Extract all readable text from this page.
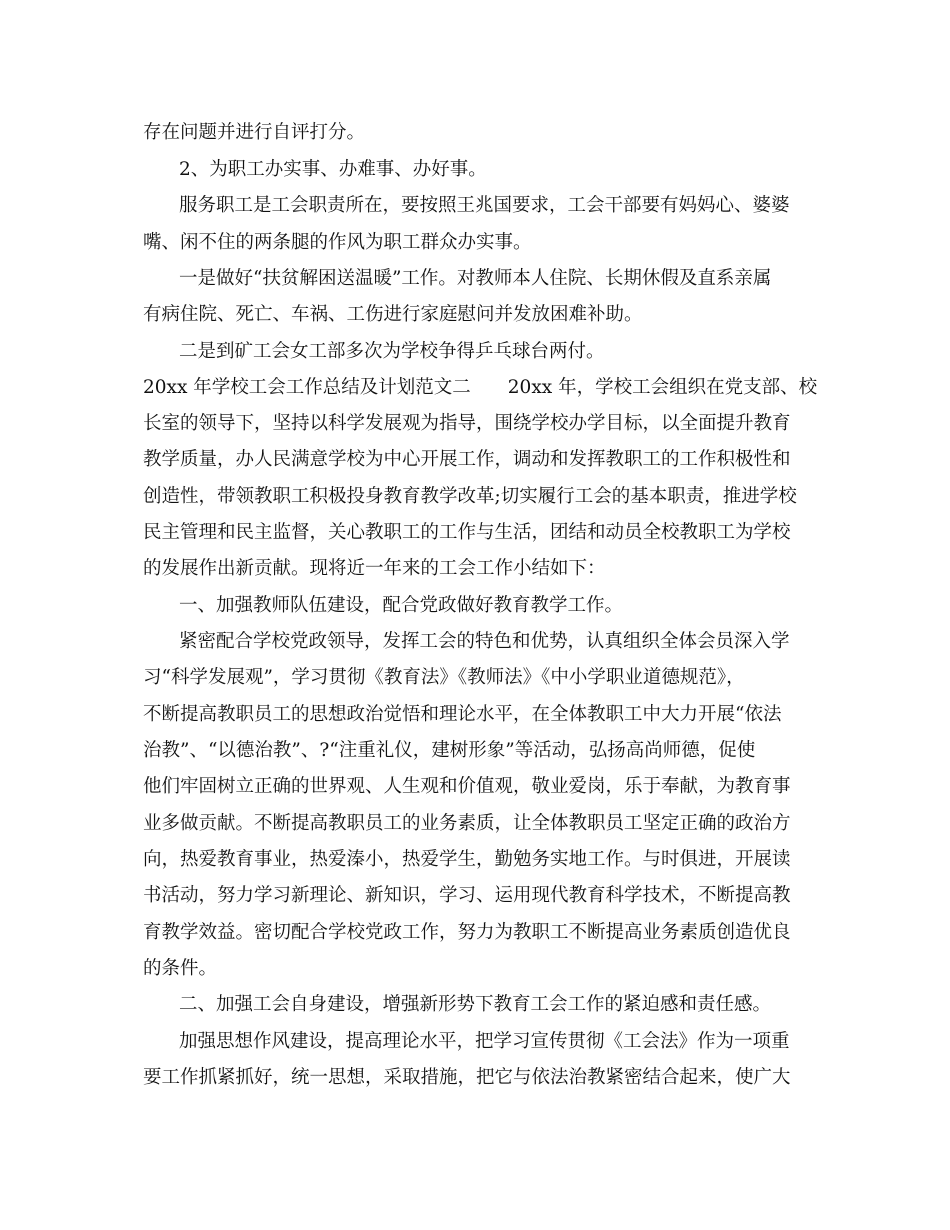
存在问题并进行自评打分。
2、为职工办实事、办难事、办好事。
服务职工是工会职责所在，要按照王兆国要求，工会干部要有妈妈心、婆婆
嘴、闲不住的两条腿的作风为职工群众办实事。
一是做好“扶贫解困送温暖”工作。对教师本人住院、长期休假及直系亲属
有病住院、死亡、车祸、工伤进行家庭慰问并发放困难补助。
二是到矿工会女工部多次为学校争得乒乓球台两付。
20xx 年学校工会工作总结及计划范文二　　20xx 年，学校工会组织在党支部、校
长室的领导下，坚持以科学发展观为指导，围绕学校办学目标，以全面提升教育
教学质量，办人民满意学校为中心开展工作，调动和发挥教职工的工作积极性和
创造性，带领教职工积极投身教育教学改革;切实履行工会的基本职责，推进学校
民主管理和民主监督，关心教职工的工作与生活，团结和动员全校教职工为学校
的发展作出新贡献。现将近一年来的工会工作小结如下：
一、加强教师队伍建设，配合党政做好教育教学工作。
紧密配合学校党政领导，发挥工会的特色和优势，认真组织全体会员深入学
习“科学发展观”，学习贯彻《教育法》《教师法》《中小学职业道德规范》，
不断提高教职员工的思想政治觉悟和理论水平，在全体教职工中大力开展“依法
治教”、“以德治教”、?“注重礼仪，建树形象”等活动，弘扬高尚师德，促使
他们牢固树立正确的世界观、人生观和价值观，敬业爱岗，乐于奉献，为教育事
业多做贡献。不断提高教职员工的业务素质，让全体教职员工坚定正确的政治方
向，热爱教育事业，热爱溱小，热爱学生，勤勉务实地工作。与时俱进，开展读
书活动，努力学习新理论、新知识，学习、运用现代教育科学技术，不断提高教
育教学效益。密切配合学校党政工作，努力为教职工不断提高业务素质创造优良
的条件。
二、加强工会自身建设，增强新形势下教育工会工作的紧迫感和责任感。
加强思想作风建设，提高理论水平，把学习宣传贯彻《工会法》作为一项重
要工作抓紧抓好，统一思想，采取措施，把它与依法治教紧密结合起来，使广大
